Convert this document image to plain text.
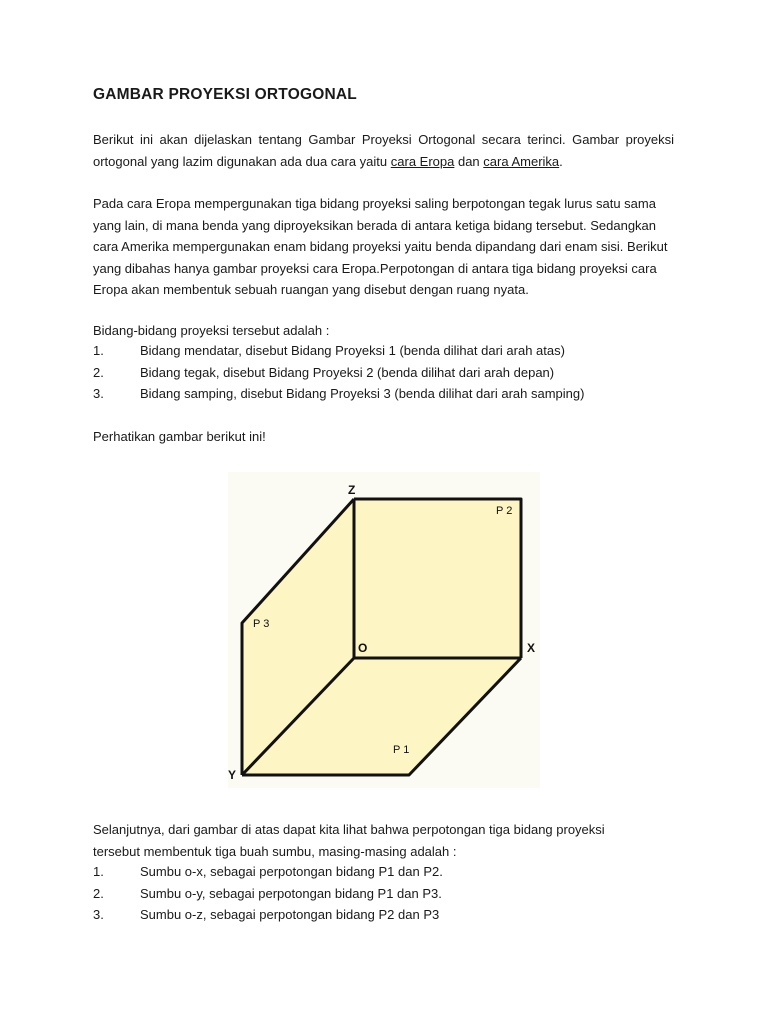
GAMBAR PROYEKSI ORTOGONAL

Berikut ini akan dijelaskan tentang Gambar Proyeksi Ortogonal secara terinci. Gambar proyeksi ortogonal yang lazim digunakan ada dua cara yaitu cara Eropa dan cara Amerika.

Pada cara Eropa mempergunakan tiga bidang proyeksi saling berpotongan tegak lurus satu sama
yang lain, di mana benda yang diproyeksikan berada di antara ketiga bidang tersebut. Sedangkan
cara Amerika mempergunakan enam bidang proyeksi yaitu benda dipandang dari enam sisi. Berikut
yang dibahas hanya gambar proyeksi cara Eropa.Perpotongan di antara tiga bidang proyeksi cara
Eropa akan membentuk sebuah ruangan yang disebut dengan ruang nyata.

Bidang-bidang proyeksi tersebut adalah :

1.	Bidang mendatar, disebut Bidang Proyeksi 1 (benda dilihat dari arah atas)
2.	Bidang tegak, disebut Bidang Proyeksi 2 (benda dilihat dari arah depan)
3.	Bidang samping, disebut Bidang Proyeksi 3 (benda dilihat dari arah samping)

Perhatikan gambar berikut ini!

Z
X
Y
O
P 2
P 3
P 1

Selanjutnya, dari gambar di atas dapat kita lihat bahwa perpotongan tiga bidang proyeksi
tersebut membentuk tiga buah sumbu, masing-masing adalah :

1.	Sumbu o-x, sebagai perpotongan bidang P1 dan P2.
2.	Sumbu o-y, sebagai perpotongan bidang P1 dan P3.
3.	Sumbu o-z, sebagai perpotongan bidang P2 dan P3
